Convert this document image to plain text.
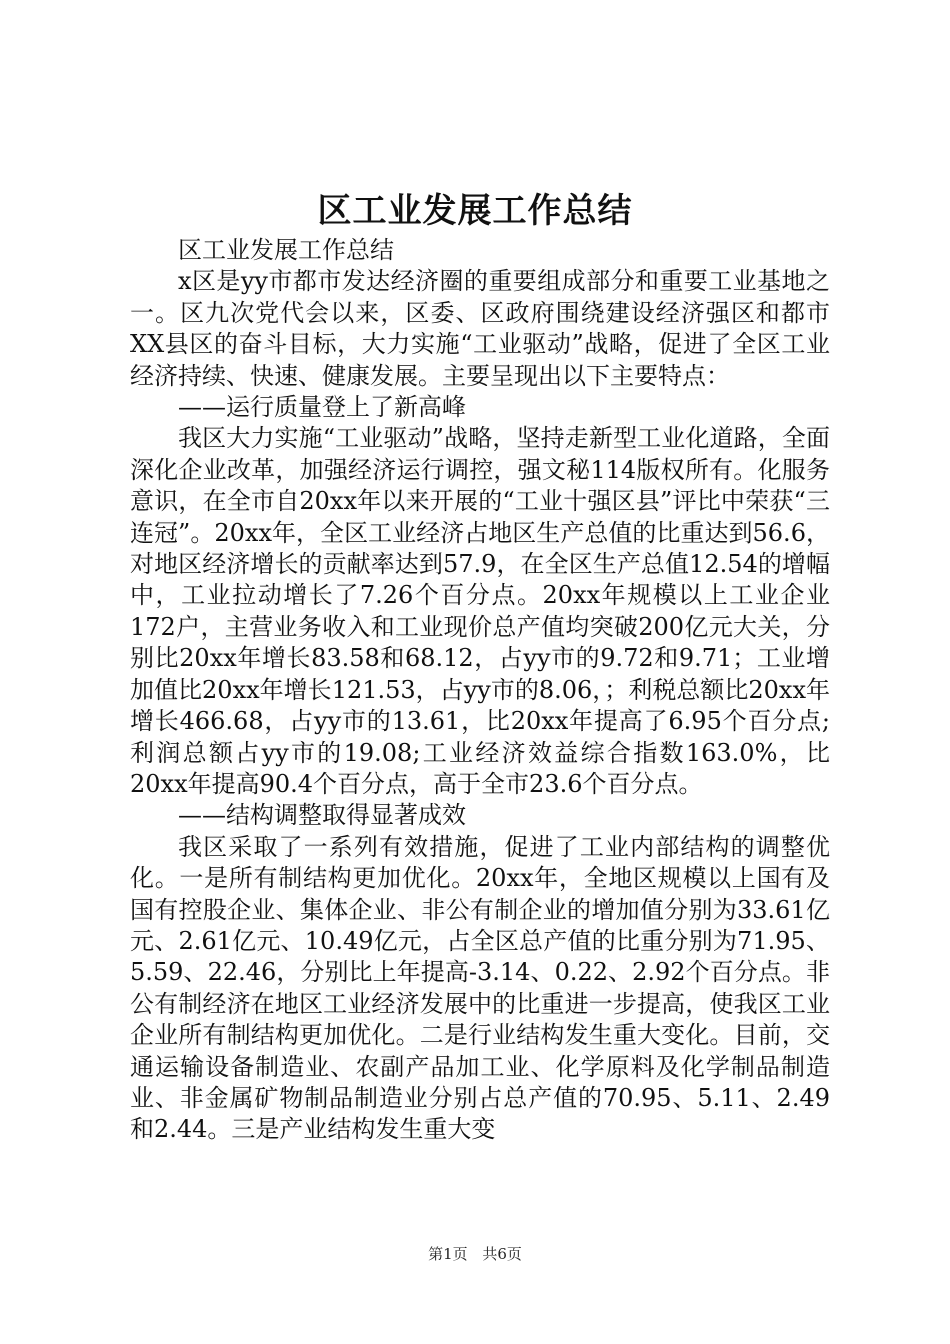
区工业发展工作总结

区工业发展工作总结

x区是yy市都市发达经济圈的重要组成部分和重要工业基地之一。区九次党代会以来，区委、区政府围绕建设经济强区和都市XX县区的奋斗目标，大力实施“工业驱动”战略，促进了全区工业经济持续、快速、健康发展。主要呈现出以下主要特点：

——运行质量登上了新高峰

我区大力实施“工业驱动”战略，坚持走新型工业化道路，全面深化企业改革，加强经济运行调控，强文秘114版权所有。化服务意识，在全市自20xx年以来开展的“工业十强区县”评比中荣获“三连冠”。20xx年，全区工业经济占地区生产总值的比重达到56.6，对地区经济增长的贡献率达到57.9，在全区生产总值12.54的增幅中，工业拉动增长了7.26个百分点。20xx年规模以上工业企业172户，主营业务收入和工业现价总产值均突破200亿元大关，分别比20xx年增长83.58和68.12，占yy市的9.72和9.71；工业增加值比20xx年增长121.53，占yy市的8.06，；利税总额比20xx年增长466.68，占yy市的13.61，比20xx年提高了6.95个百分点;利润总额占yy市的19.08;工业经济效益综合指数163.0%，比20xx年提高90.4个百分点，高于全市23.6个百分点。

——结构调整取得显著成效

我区采取了一系列有效措施，促进了工业内部结构的调整优化。一是所有制结构更加优化。20xx年，全地区规模以上国有及国有控股企业、集体企业、非公有制企业的增加值分别为33.61亿元、2.61亿元、10.49亿元，占全区总产值的比重分别为71.95、5.59、22.46，分别比上年提高-3.14、0.22、2.92个百分点。非公有制经济在地区工业经济发展中的比重进一步提高，使我区工业企业所有制结构更加优化。二是行业结构发生重大变化。目前，交通运输设备制造业、农副产品加工业、化学原料及化学制品制造业、非金属矿物制品制造业分别占总产值的70.95、5.11、2.49和2.44。三是产业结构发生重大变

第1页 共6页
